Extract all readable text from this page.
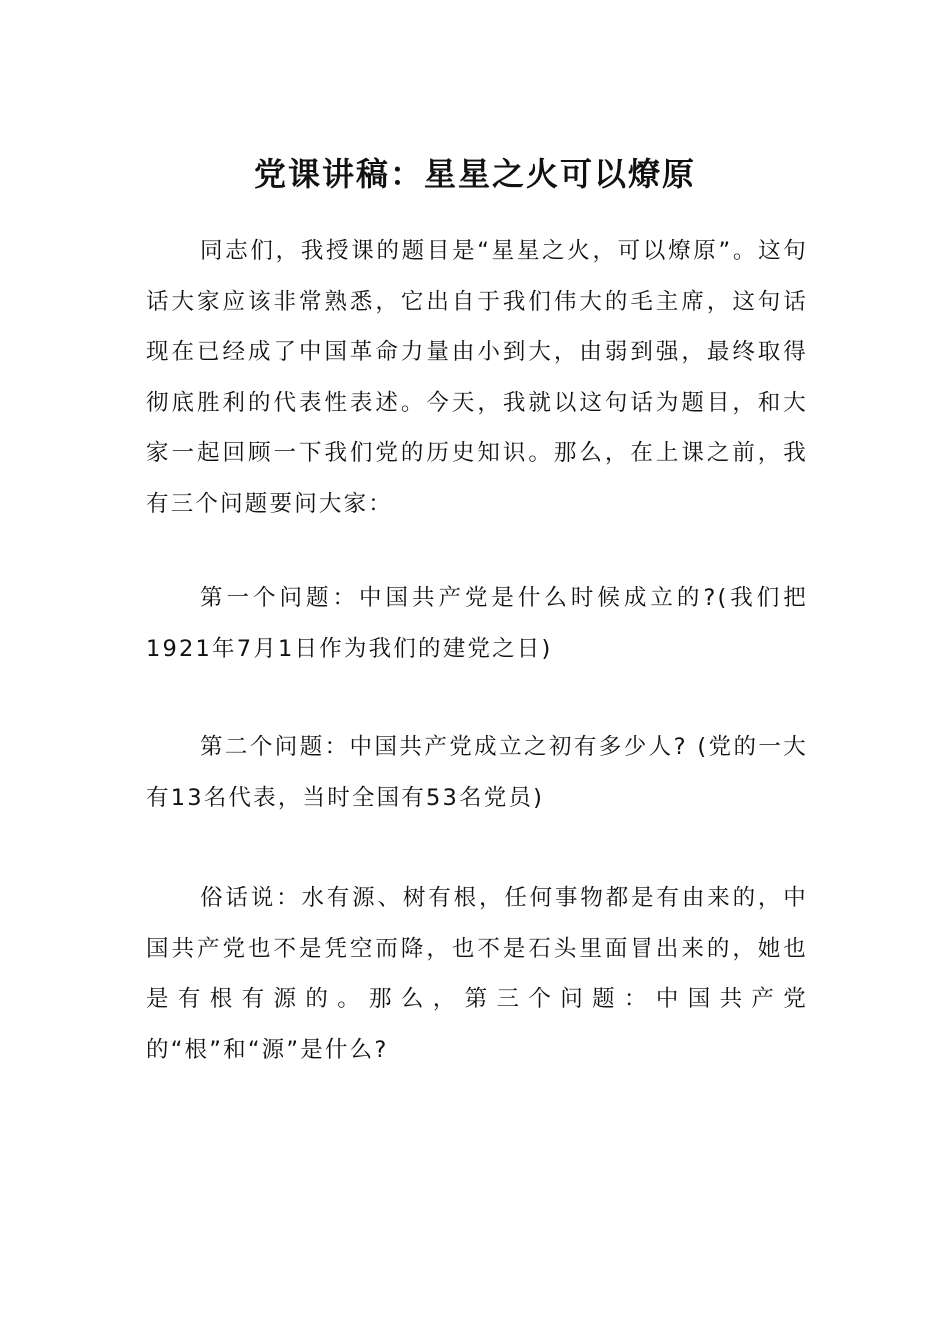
党课讲稿：星星之火可以燎原

同志们，我授课的题目是“星星之火，可以燎原”。这句话大家应该非常熟悉，它出自于我们伟大的毛主席，这句话现在已经成了中国革命力量由小到大，由弱到强，最终取得彻底胜利的代表性表述。今天，我就以这句话为题目，和大家一起回顾一下我们党的历史知识。那么，在上课之前，我有三个问题要问大家：

第一个问题：中国共产党是什么时候成立的?(我们把1921年7月1日作为我们的建党之日)

第二个问题：中国共产党成立之初有多少人? (党的一大有13名代表，当时全国有53名党员)

俗话说：水有源、树有根，任何事物都是有由来的，中国共产党也不是凭空而降，也不是石头里面冒出来的，她也是有根有源的。那么，第三个问题：中国共产党的“根”和“源”是什么?
